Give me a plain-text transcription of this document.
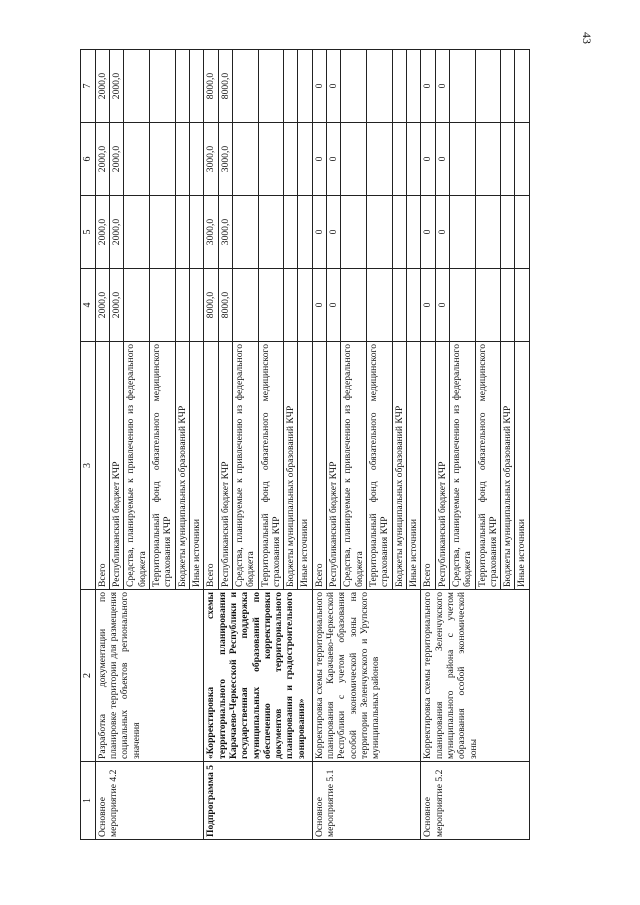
43
1	2	3	4	5	6	7
Основное мероприятие 4.2	Разработка документации по планировке территории для размещения социальных объектов регионального значения	Всего	2000,0	2000,0	2000,0	2000,0
		Республиканский бюджет КЧР	2000,0	2000,0	2000,0	2000,0
		Средства, планируемые к привлечению из федерального бюджета				
		Территориальный фонд обязательного медицинского страхования КЧР				
		Бюджеты муниципальных образований КЧР				
		Иные источники				
Подпрограмма 5	«Корректировка схемы территориального планирования Карачаево-Черкесской Республики и государственная поддержка муниципальных образований по обеспечению корректировки документов территориального планирования и градостроительного зонирования»	Всего	8000,0	3000,0	3000,0	8000,0
		Республиканский бюджет КЧР	8000,0	3000,0	3000,0	8000,0
		Средства, планируемые к привлечению из федерального бюджета				
		Территориальный фонд обязательного медицинского страхования КЧР				
		Бюджеты муниципальных образований КЧР				
		Иные источники				
Основное мероприятие 5.1	Корректировка схемы территориального планирования Карачаево-Черкесской Республики с учетом образования особой экономической зоны на территории Зеленчукского и Урупского муниципальных районов	Всего	0	0	0	0
		Республиканский бюджет КЧР	0	0	0	0
		Средства, планируемые к привлечению из федерального бюджета				
		Территориальный фонд обязательного медицинского страхования КЧР				
		Бюджеты муниципальных образований КЧР				
		Иные источники				
Основное мероприятие 5.2	Корректировка схемы территориального планирования Зеленчукского муниципального района с учетом образования особой экономической зоны	Всего	0	0	0	0
		Республиканский бюджет КЧР	0	0	0	0
		Средства, планируемые к привлечению из федерального бюджета				
		Территориальный фонд обязательного медицинского страхования КЧР				
		Бюджеты муниципальных образований КЧР				
		Иные источники				
